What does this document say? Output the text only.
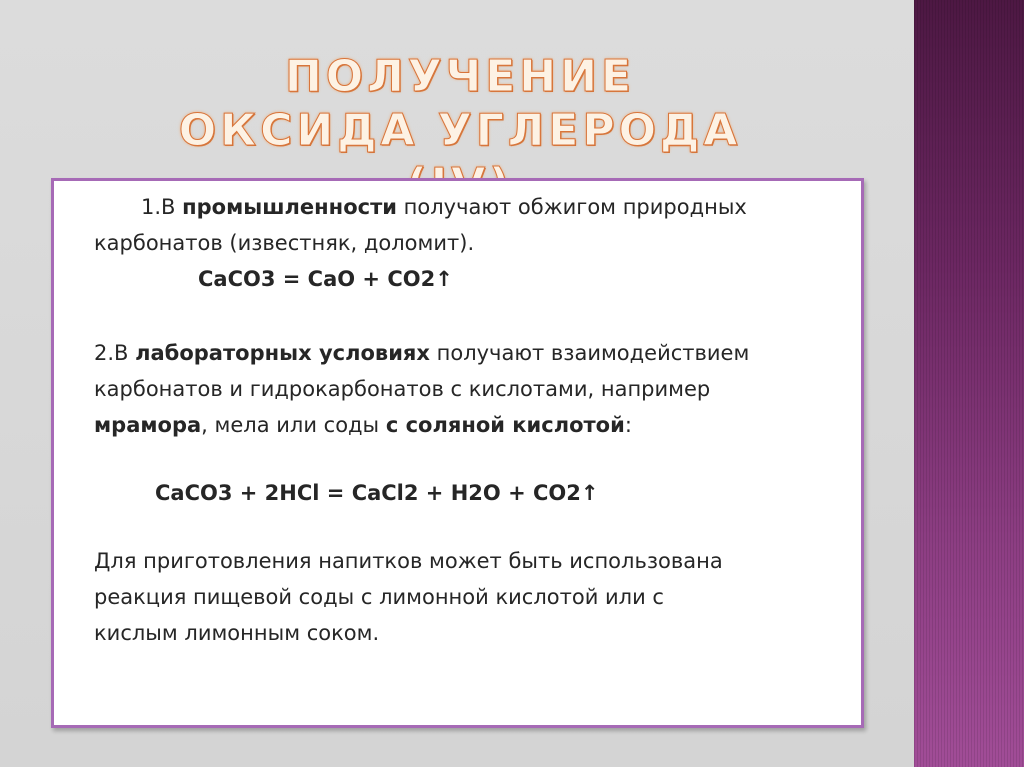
ПОЛУЧЕНИЕ
ОКСИДА УГЛЕРОДА
1.В промышленности получают обжигом природных
карбонатов (известняк, доломит).
CaCO3 = CaO + CO2↑
2.В лабораторных условиях получают взаимодействием
карбонатов и гидрокарбонатов с кислотами, например
мрамора, мела или соды с соляной кислотой:
CaCO3 + 2HCl = CaCl2 + H2O + CO2↑
Для приготовления напитков может быть использована
реакция пищевой соды с лимонной кислотой или с
кислым лимонным соком.
